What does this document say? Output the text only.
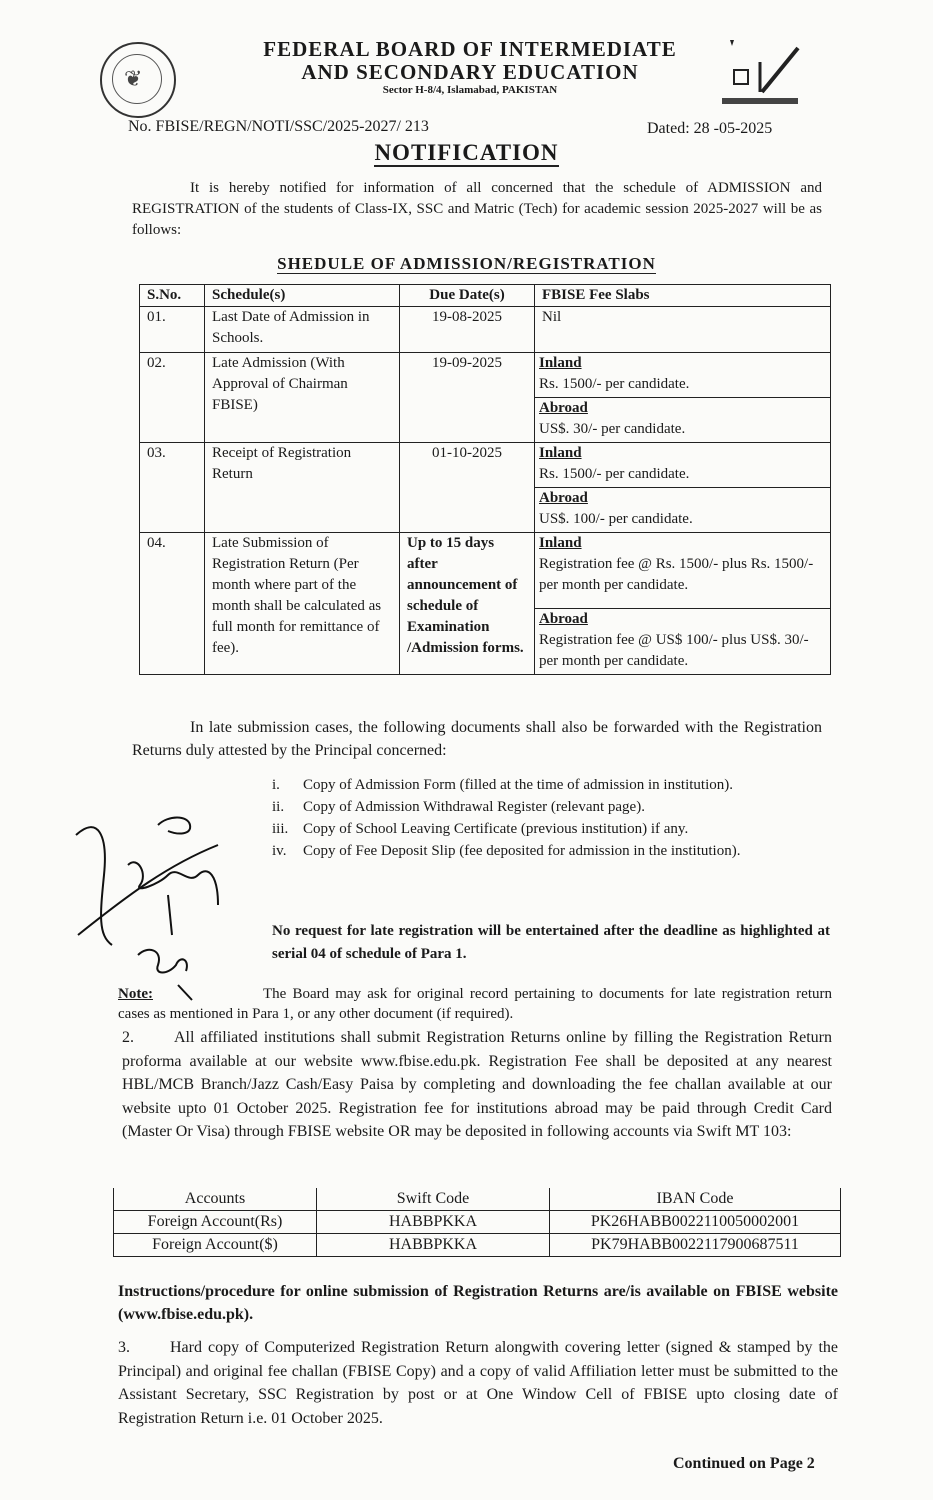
❦
FEDERAL BOARD OF INTERMEDIATE
AND SECONDARY EDUCATION
Sector H-8/4, Islamabad, PAKISTAN
No. FBISE/REGN/NOTI/SSC/2025-2027/ 213	Dated: 28 -05-2025
NOTIFICATION
It is hereby notified for information of all concerned that the schedule of ADMISSION and REGISTRATION of the students of Class-IX, SSC and Matric (Tech) for academic session 2025-2027 will be as follows:
SHEDULE OF ADMISSION/REGISTRATION
S.No.	Schedule(s)	Due Date(s)	FBISE Fee Slabs
01.	Last Date of Admission in Schools.	19-08-2025	Nil
02.	Late Admission (With Approval of Chairman FBISE)	19-09-2025	Inland
Rs. 1500/- per candidate.
Abroad
US$. 30/- per candidate.

03.	Receipt of Registration Return	01-10-2025	Inland
Rs. 1500/- per candidate.
Abroad
US$. 100/- per candidate.

04.	Late Submission of Registration Return (Per month where part of the month shall be calculated as full month for remittance of fee).	Up to 15 days after announcement of schedule of Examination /Admission forms.	Inland
Registration fee @ Rs. 1500/- plus Rs. 1500/- per month per candidate.
Abroad
Registration fee @ US$ 100/- plus US$. 30/- per month per candidate.
In late submission cases, the following documents shall also be forwarded with the Registration Returns duly attested by the Principal concerned:
i.	Copy of Admission Form (filled at the time of admission in institution).
ii.	Copy of Admission Withdrawal Register (relevant page).
iii. Copy of School Leaving Certificate (previous institution) if any.
iv.	Copy of Fee Deposit Slip (fee deposited for admission in the institution).
No request for late registration will be entertained after the deadline as highlighted at serial 04 of schedule of Para 1.
Note:	The Board may ask for original record pertaining to documents for late registration return cases as mentioned in Para 1, or any other document (if required).
2.	All affiliated institutions shall submit Registration Returns online by filling the Registration Return proforma available at our website www.fbise.edu.pk. Registration Fee shall be deposited at any nearest HBL/MCB Branch/Jazz Cash/Easy Paisa by completing and downloading the fee challan available at our website upto 01 October 2025. Registration fee for institutions abroad may be paid through Credit Card (Master Or Visa) through FBISE website OR may be deposited in following accounts via Swift MT 103:
Accounts	Swift Code	IBAN Code
Foreign Account(Rs)	HABBPKKA	PK26HABB0022110050002001
Foreign Account($)	HABBPKKA	PK79HABB0022117900687511
Instructions/procedure for online submission of Registration Returns are/is available on FBISE website (www.fbise.edu.pk).
3.	Hard copy of Computerized Registration Return alongwith covering letter (signed & stamped by the Principal) and original fee challan (FBISE Copy) and a copy of valid Affiliation letter must be submitted to the Assistant Secretary, SSC Registration by post or at One Window Cell of FBISE upto closing date of Registration Return i.e. 01 October 2025.
Continued on Page 2
